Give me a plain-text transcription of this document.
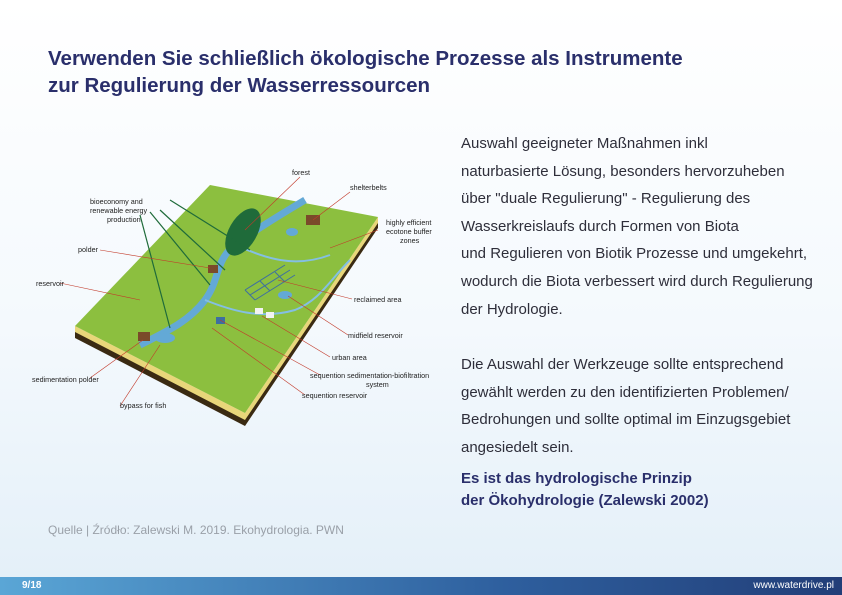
Verwenden Sie schließlich ökologische Prozesse als Instrumente
zur Regulierung der Wasserressourcen
forest
shelterbelts
bioeconomy and
renewable energy
production	highly efficient
ecotone buffer
zones
polder
reservoir
reclaimed area
midfield reservoir
urban area
sequention sedimentation-biofiltration
system
sequention reservoir
sedimentation polder
bypass for fish
Auswahl geeigneter Maßnahmen inkl
naturbasierte Lösung, besonders hervorzuheben
über "duale Regulierung" - Regulierung des
Wasserkreislaufs durch Formen von Biota
und Regulieren von Biotik Prozesse und umgekehrt,
wodurch die Biota verbessert wird durch Regulierung
der Hydrologie.
Die Auswahl der Werkzeuge sollte entsprechend
gewählt werden zu den identifizierten Problemen/
Bedrohungen und sollte optimal im Einzugsgebiet
angesiedelt sein.
Es ist das hydrologische Prinzip
der Ökohydrologie (Zalewski 2002)
Quelle | Źródło: Zalewski M. 2019. Ekohydrologia. PWN
9/18	www.waterdrive.pl
